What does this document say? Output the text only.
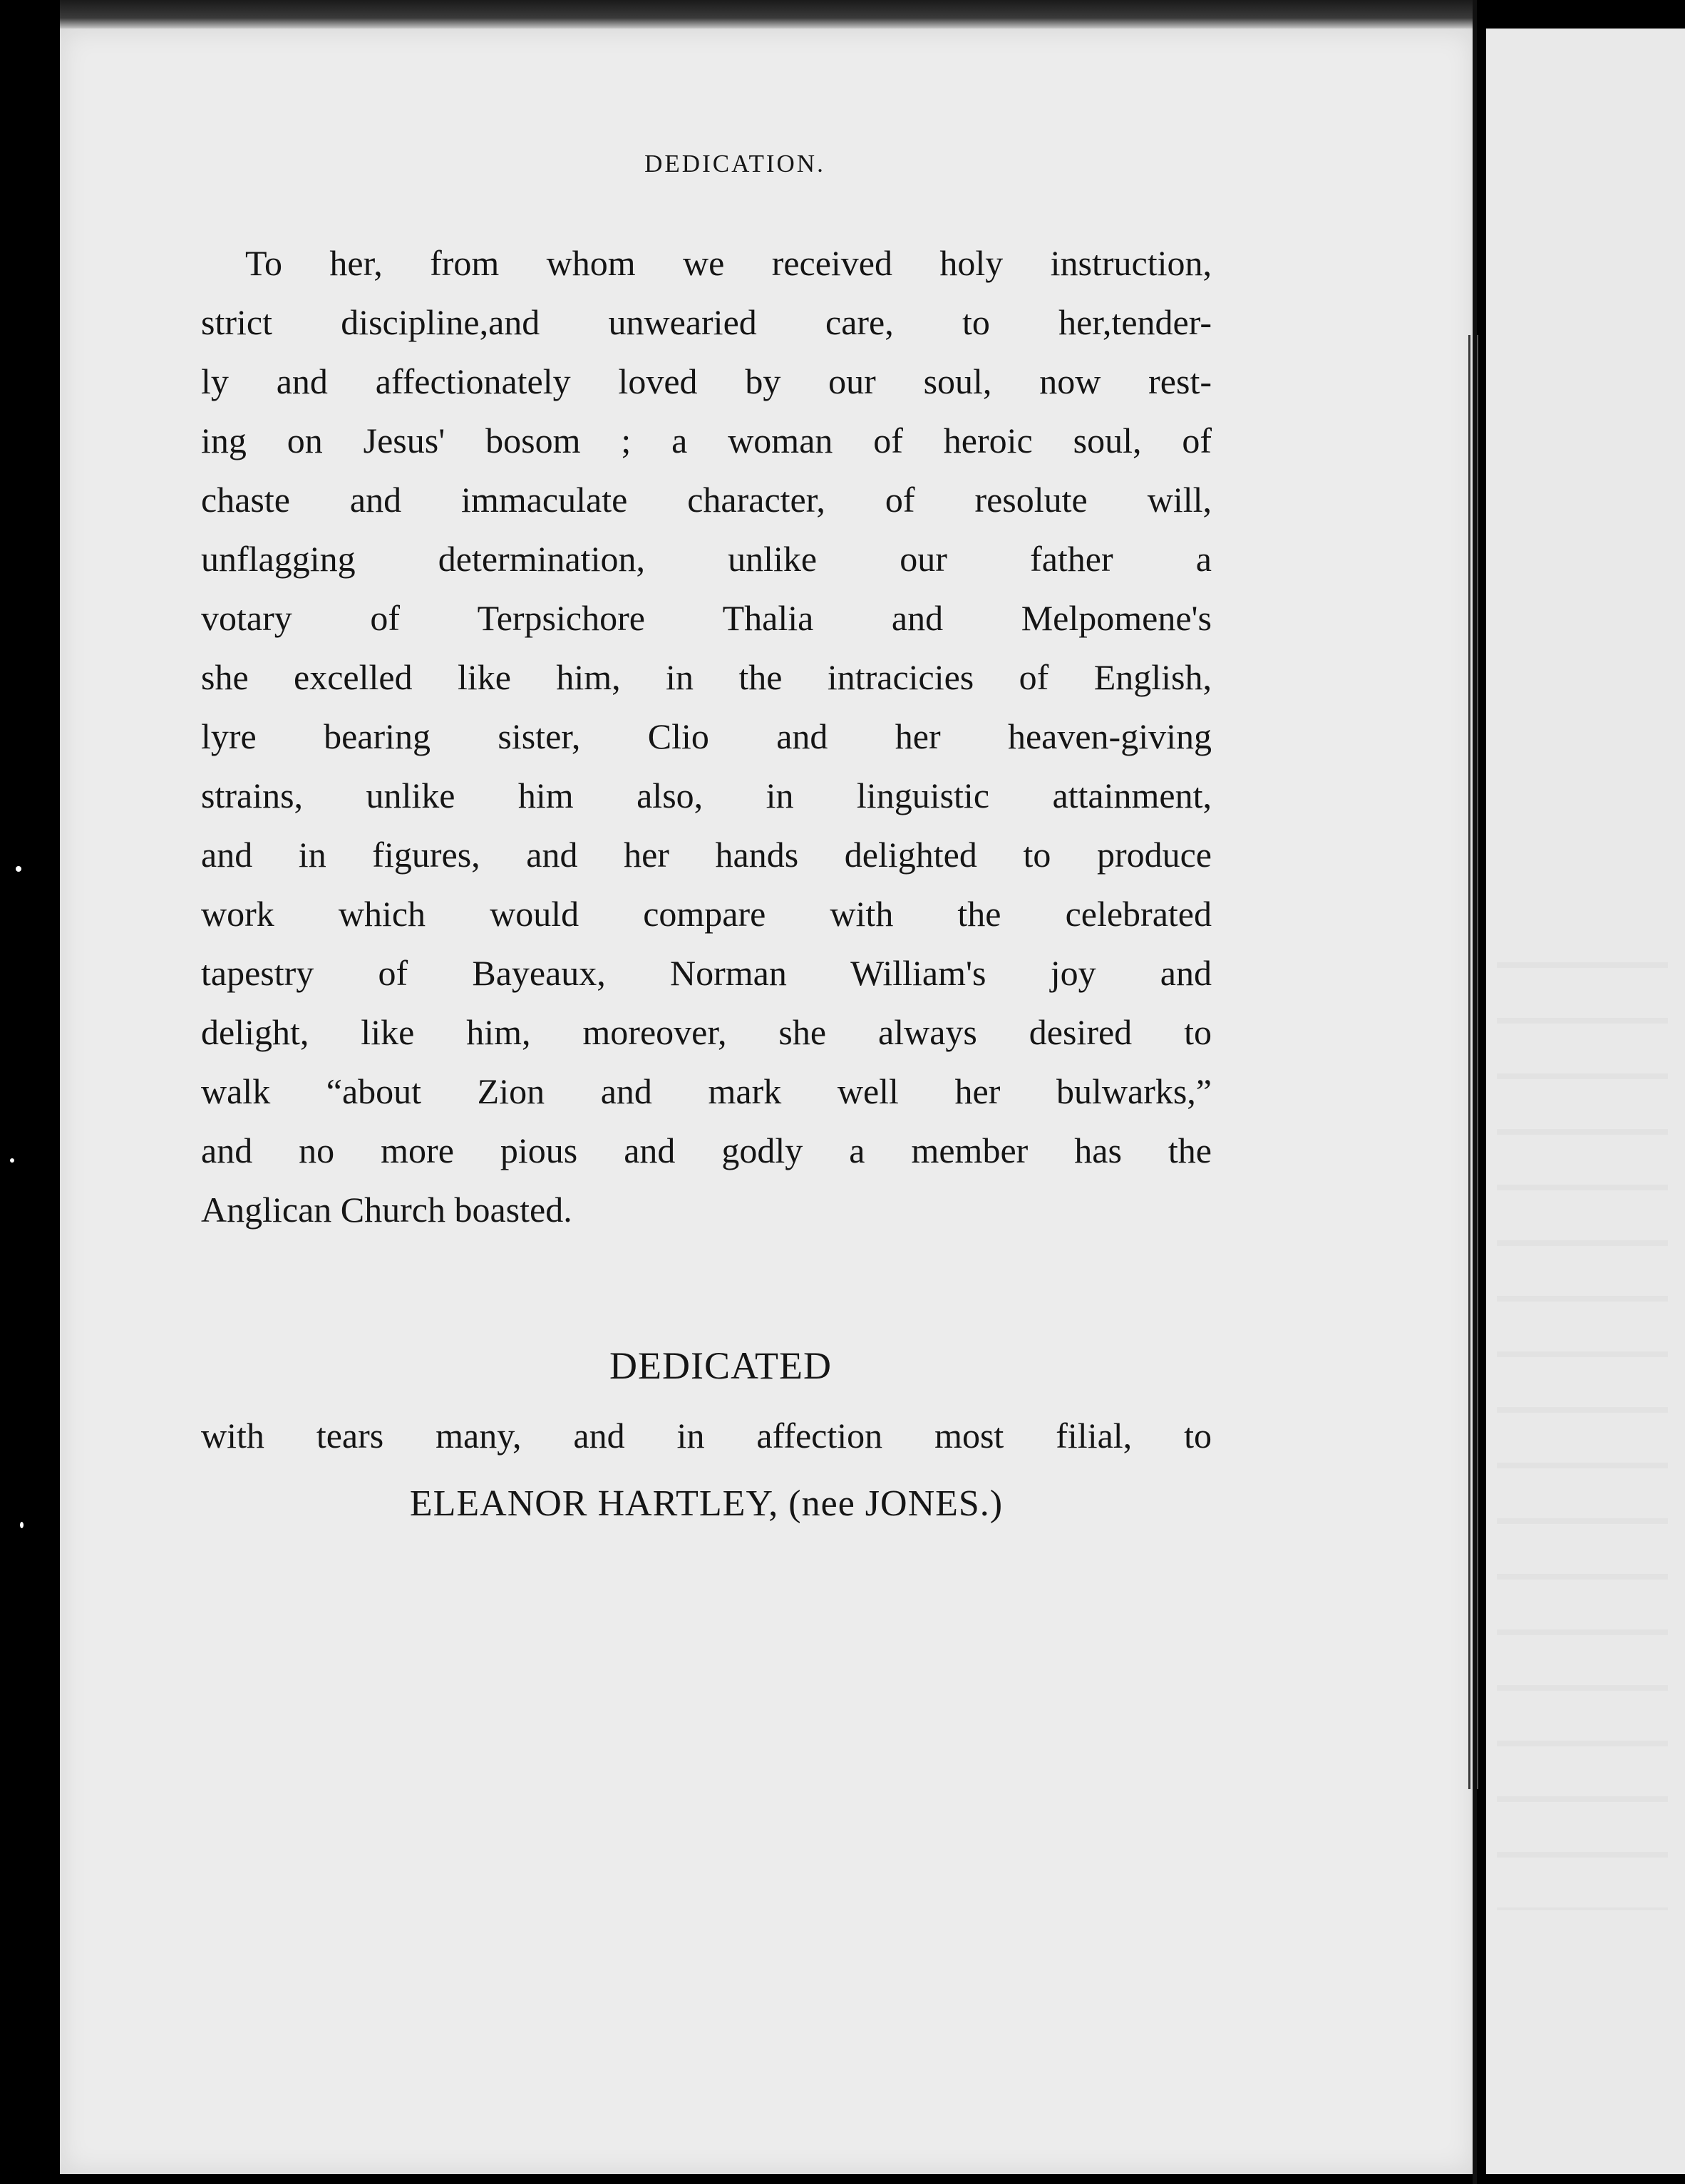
DEDICATION.
To her, from whom we received holy instruction,
strict discipline,and unwearied care, to her,tender-
ly and affectionately loved by our soul, now rest-
ing on Jesus' bosom ; a woman of heroic soul, of
chaste and immaculate character, of resolute will,
unflagging determination, unlike our father a
votary of Terpsichore Thalia and Melpomene's
she excelled like him, in the intracicies of English,
lyre bearing sister, Clio and her heaven-giving
strains, unlike him also, in linguistic attainment,
and in figures, and her hands delighted to produce
work which would compare with the celebrated
tapestry of Bayeaux, Norman William's joy and
delight, like him, moreover, she always desired to
walk “about Zion and mark well her bulwarks,”
and no more pious and godly a member has the
Anglican Church boasted.
DEDICATED
with tears many, and in affection most filial, to
ELEANOR HARTLEY, (nee JONES.)
